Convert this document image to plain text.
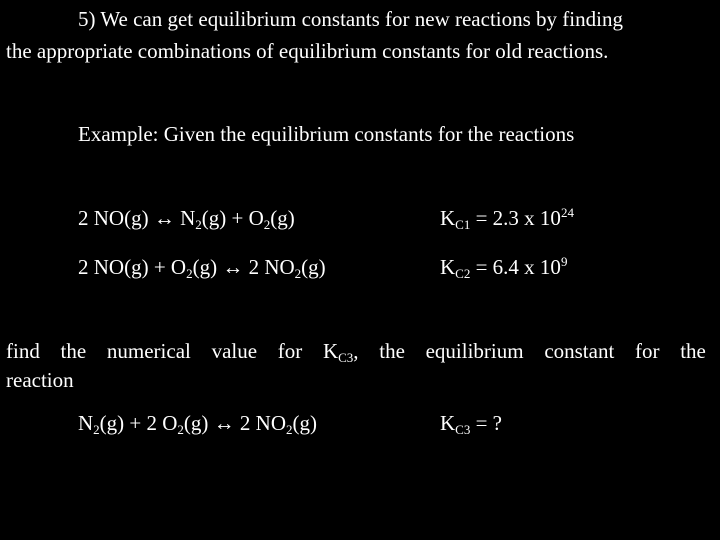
5) We can get equilibrium constants for new reactions by finding
the appropriate combinations of equilibrium constants for old reactions.
Example: Given the equilibrium constants for the reactions
2 NO(g) ↔ $N_2(g) + O_2(g)$	$K_{C1} = 2.3$ x $10^{24}$
2 $NO(g) + O_2(g)$ ↔ 2 $NO_2(g)$	$K_{C2} = 6.4$ x $10^9$
find the numerical value for $K_{C3}$, the equilibrium constant for the
reaction
$N_2(g) + 2$ $O_2(g)$ ↔ 2 $NO_2(g)$	$K_{C3}$ = ?
